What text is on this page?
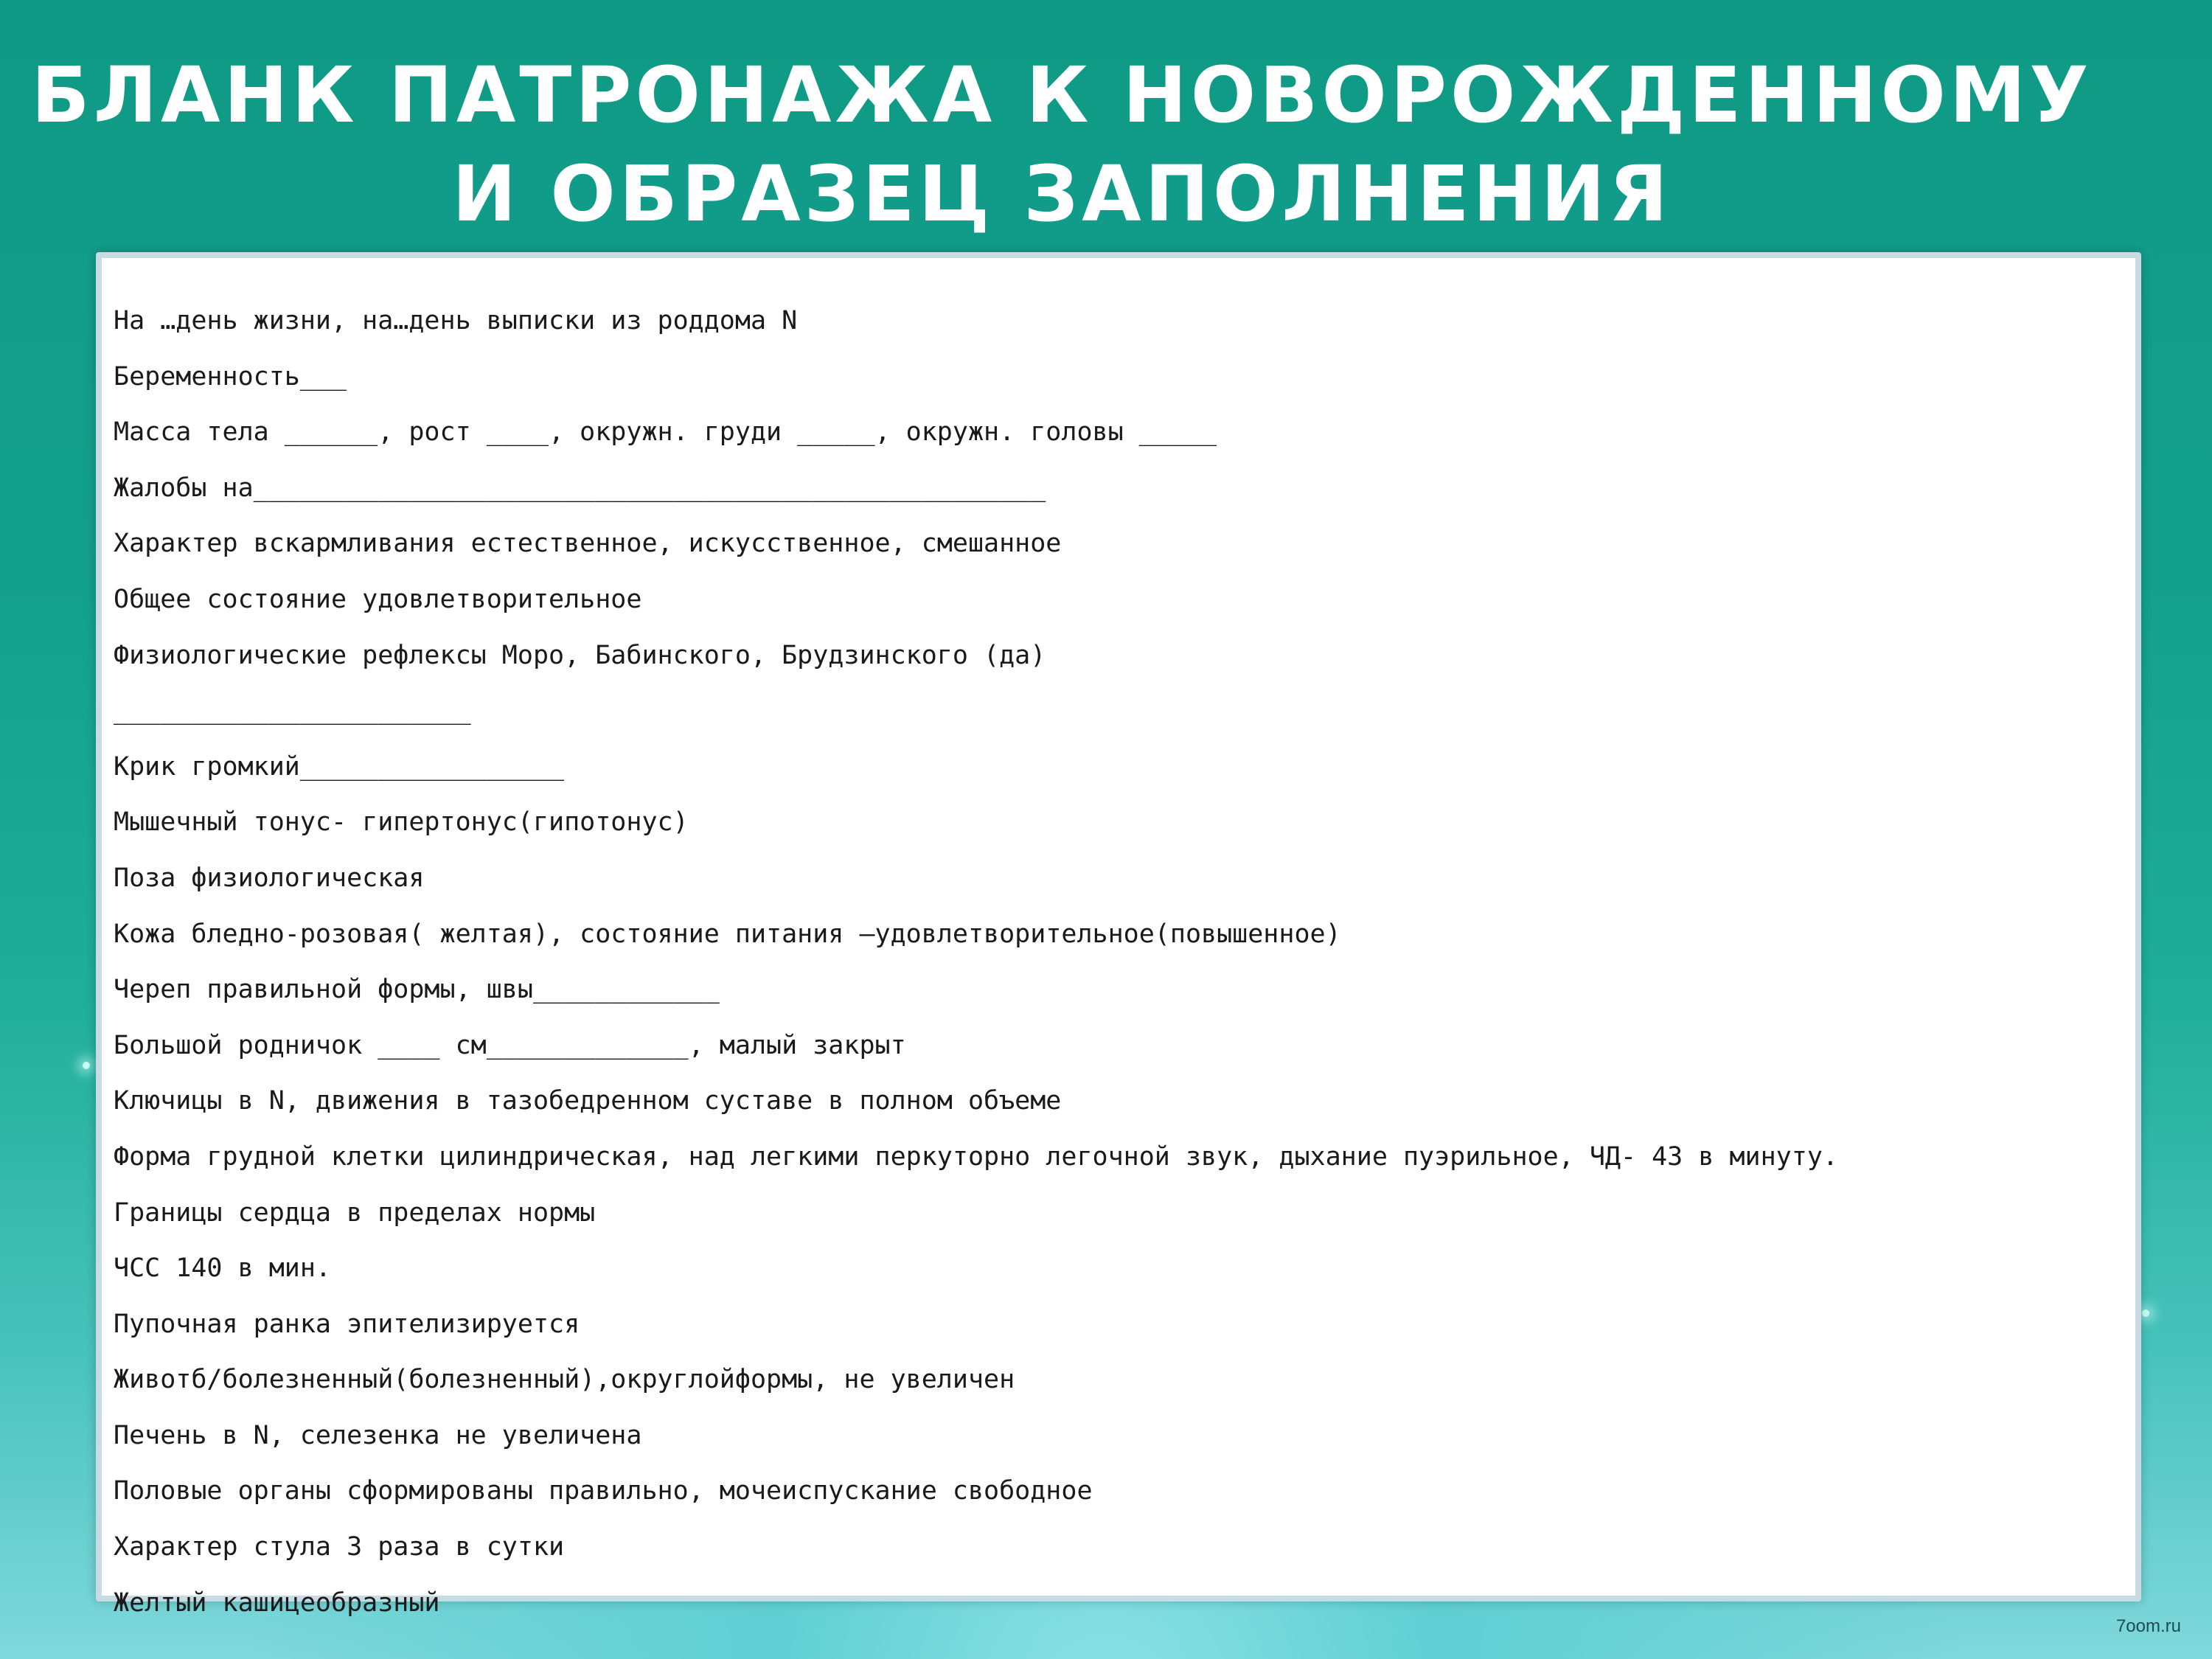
БЛАНК ПАТРОНАЖА К НОВОРОЖДЕННОМУ
И ОБРАЗЕЦ ЗАПОЛНЕНИЯ
На …день жизни, на…день выписки из роддома N
Беременность___
Масса тела ______, рост ____, окружн. груди _____, окружн. головы _____
Жалобы на___________________________________________________
Характер вскармливания естественное, искусственное, смешанное
Общее состояние удовлетворительное
Физиологические рефлексы Моро, Бабинского, Брудзинского (да)
_______________________
Крик громкий_________________
Мышечный тонус- гипертонус(гипотонус)
Поза физиологическая
Кожа бледно-розовая( желтая), состояние питания –удовлетворительное(повышенное)
Череп правильной формы, швы____________
Большой родничок ____ см_____________, малый закрыт
Ключицы в N, движения в тазобедренном суставе в полном объеме
Форма грудной клетки цилиндрическая, над легкими перкуторно легочной звук, дыхание пуэрильное, ЧД- 43 в минуту.
Границы сердца в пределах нормы
ЧСС 140 в мин.
Пупочная ранка эпителизируется
Животб/болезненный(болезненный),округлойформы, не увеличен
Печень в N, селезенка не увеличена
Половые органы сформированы правильно, мочеиспускание свободное
Характер стула 3 раза в сутки
Желтый кашицеобразный
7oom.ru
